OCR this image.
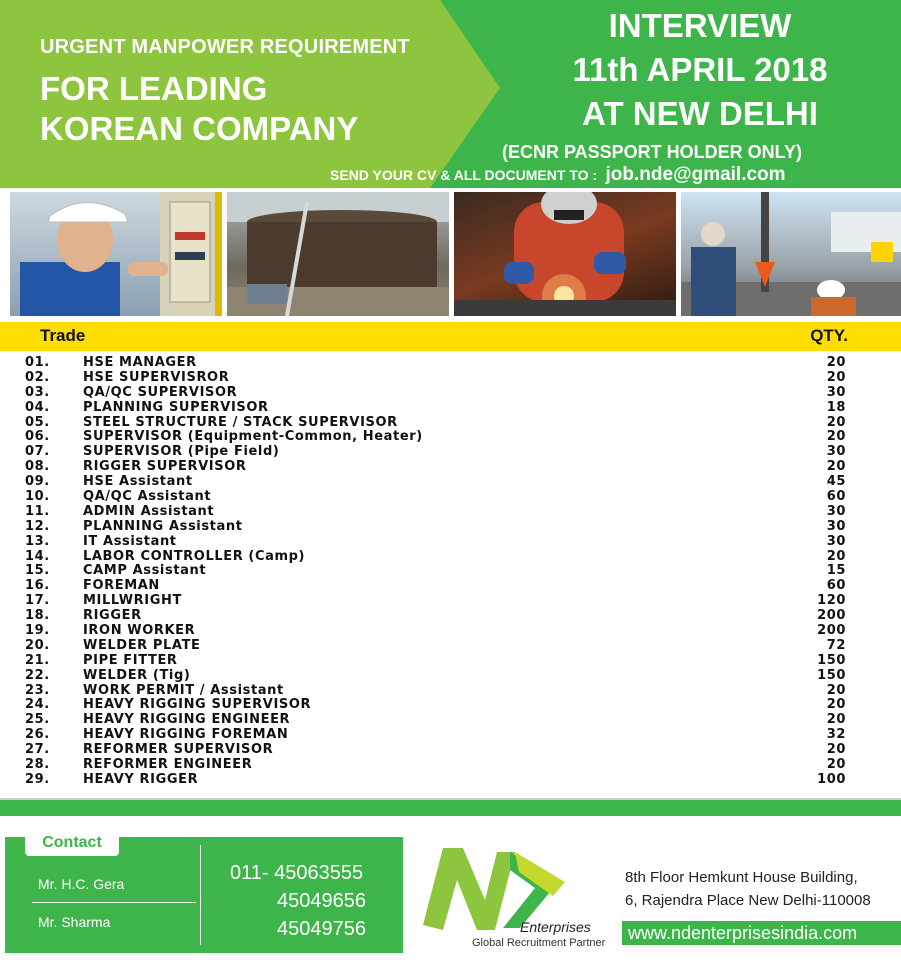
URGENT MANPOWER REQUIREMENT
FOR LEADING
KOREAN COMPANY
INTERVIEW
11th APRIL 2018
AT NEW DELHI
(ECNR PASSPORT HOLDER ONLY)
SEND YOUR CV & ALL DOCUMENT TO : job.nde@gmail.com
Trade	QTY.
01.	HSE MANAGER	20
02.	HSE SUPERVISROR	20
03.	QA/QC SUPERVISOR	30
04.	PLANNING SUPERVISOR	18
05.	STEEL STRUCTURE / STACK SUPERVISOR	20
06.	SUPERVISOR (Equipment-Common, Heater)	20
07.	SUPERVISOR (Pipe Field)	30
08.	RIGGER SUPERVISOR	20
09.	HSE Assistant	45
10.	QA/QC Assistant	60
11.	ADMIN Assistant	30
12.	PLANNING Assistant	30
13.	IT Assistant	30
14.	LABOR CONTROLLER (Camp)	20
15.	CAMP Assistant	15
16.	FOREMAN	60
17.	MILLWRIGHT	120
18.	RIGGER	200
19.	IRON WORKER	200
20.	WELDER PLATE	72
21.	PIPE FITTER	150
22.	WELDER (Tig)	150
23.	WORK PERMIT / Assistant	20
24.	HEAVY RIGGING SUPERVISOR	20
25.	HEAVY RIGGING ENGINEER	20
26.	HEAVY RIGGING FOREMAN	32
27.	REFORMER SUPERVISOR	20
28.	REFORMER ENGINEER	20
29.	HEAVY RIGGER	100
Contact
Mr. H.C. Gera
Mr. Sharma
011- 45063555
45049656
45049756	Enterprises
Global Recruitment Partner
8th Floor Hemkunt House Building,
6, Rajendra Place New Delhi-110008
www.ndenterprisesindia.com
